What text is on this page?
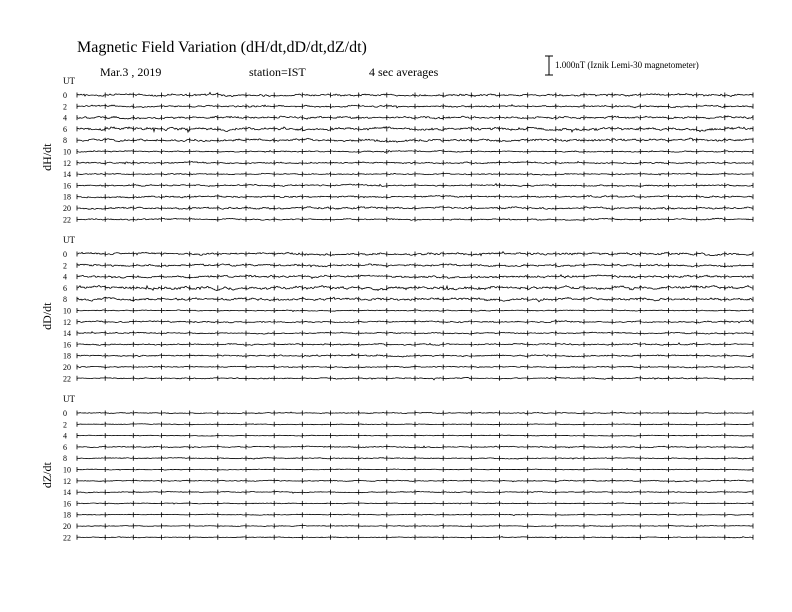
Magnetic Field Variation (dH/dt,dD/dt,dZ/dt)
Mar.3 , 2019	station=IST	4 sec averages	1.000nT (Iznik Lemi-30 magnetometer)
UT
dH/dt
0
2
4
6
8
10
12
14
16
18
20
22
UT
dD/dt
0
2
4
6
8
10
12
14
16
18
20
22
UT
dZ/dt
0
2
4
6
8
10
12
14
16
18
20
22
